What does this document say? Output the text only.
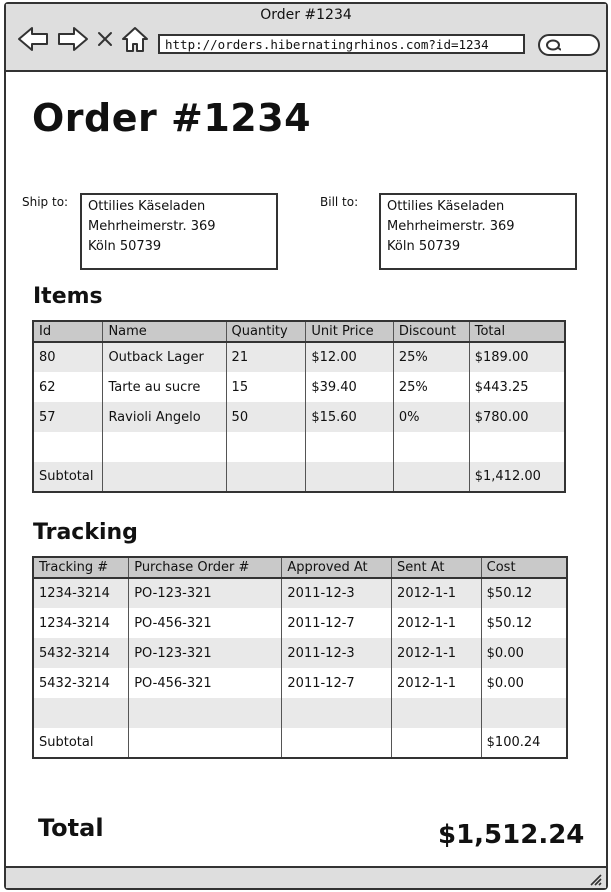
Order #1234
http://orders.hibernatingrhinos.com?id=1234
Order #1234
Ship to: Ottilies Käseladen
Mehrheimerstr. 369
Köln 50739
Bill to: Ottilies Käseladen
Mehrheimerstr. 369
Köln 50739
Items
Id	Name	Quantity	Unit Price	Discount	Total
80	Outback Lager	21	$12.00	25%	$189.00
62	Tarte au sucre	15	$39.40	25%	$443.25
57	Ravioli Angelo	50	$15.60	0%	$780.00

Subtotal					$1,412.00
Tracking
Tracking #	Purchase Order #	Approved At	Sent At	Cost
1234-3214	PO-123-321	2011-12-3	2012-1-1	$50.12
1234-3214	PO-456-321	2011-12-7	2012-1-1	$50.12
5432-3214	PO-123-321	2011-12-3	2012-1-1	$0.00
5432-3214	PO-456-321	2011-12-7	2012-1-1	$0.00

Subtotal				$100.24
Total	$1,512.24
